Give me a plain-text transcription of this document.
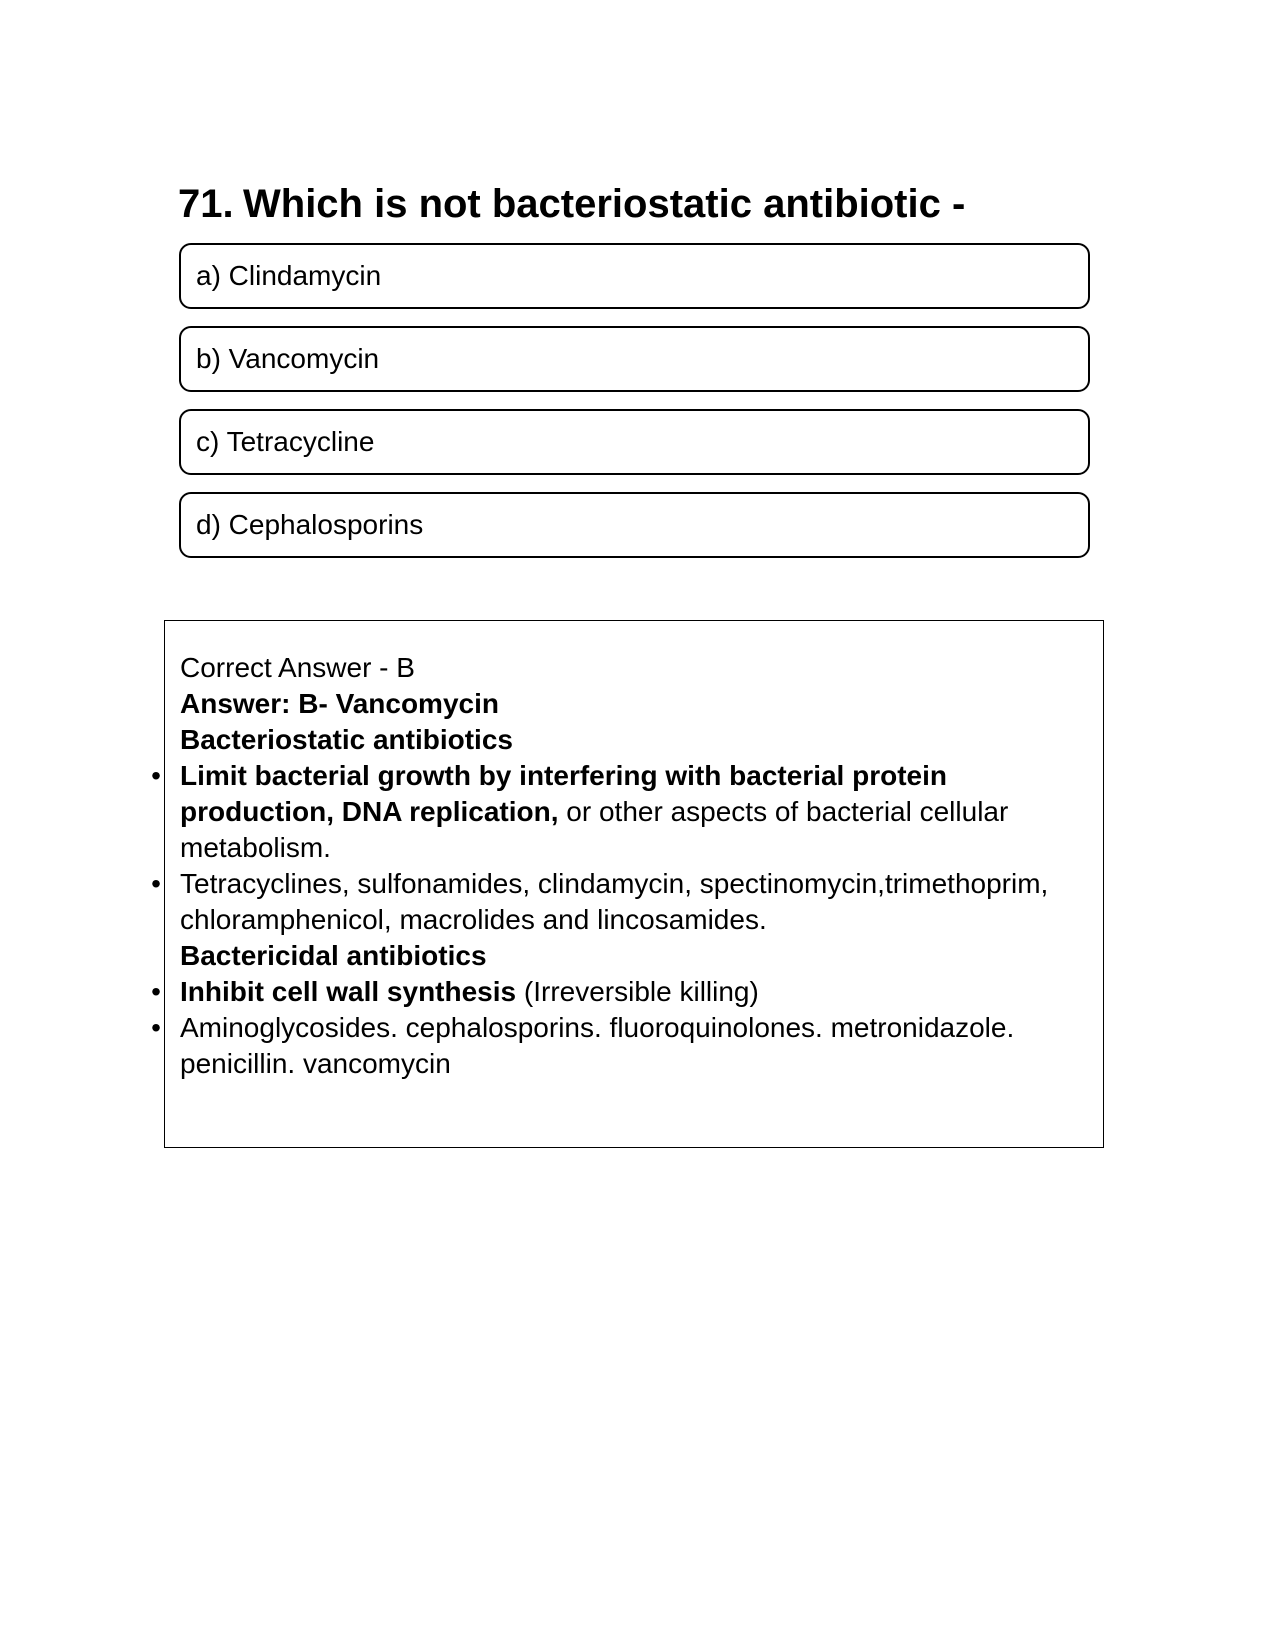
71. Which is not bacteriostatic antibiotic -
a) Clindamycin
b) Vancomycin
c) Tetracycline
d) Cephalosporins

Correct Answer - B

Answer: B- Vancomycin

Bacteriostatic antibiotics

• Limit bacterial growth by interfering with bacterial protein production, DNA replication, or other aspects of bacterial cellular metabolism.

• Tetracyclines, sulfonamides, clindamycin, spectinomycin,trimethoprim, chloramphenicol, macrolides and lincosamides.

Bactericidal antibiotics

• Inhibit cell wall synthesis (Irreversible killing)

• Aminoglycosides. cephalosporins. fluoroquinolones. metronidazole. penicillin. vancomycin
